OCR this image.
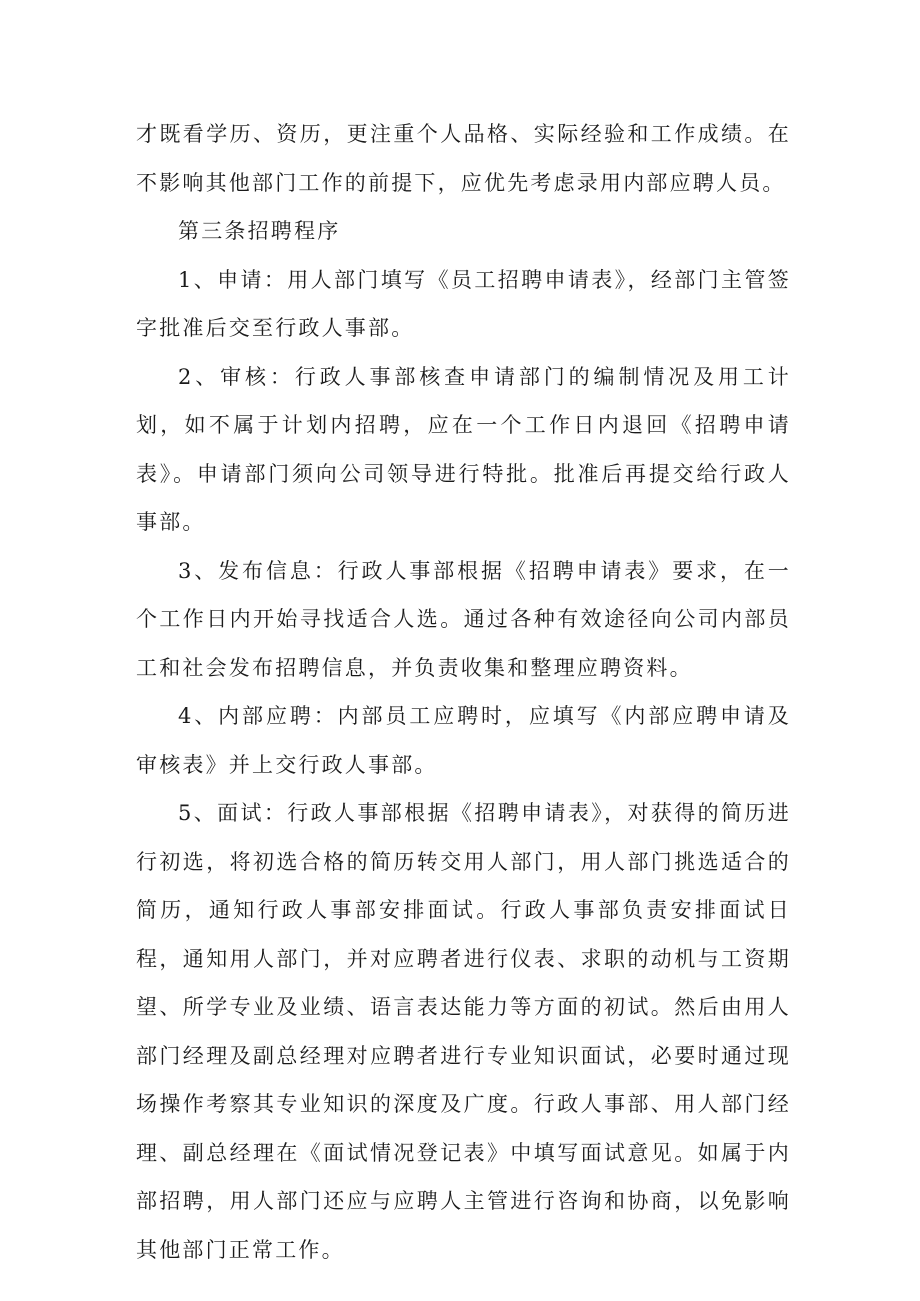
才既看学历、资历，更注重个人品格、实际经验和工作成绩。在不影响其他部门工作的前提下，应优先考虑录用内部应聘人员。

第三条招聘程序

1、申请：用人部门填写《员工招聘申请表》，经部门主管签字批准后交至行政人事部。

2、审核：行政人事部核查申请部门的编制情况及用工计划，如不属于计划内招聘，应在一个工作日内退回《招聘申请表》。申请部门须向公司领导进行特批。批准后再提交给行政人事部。

3、发布信息：行政人事部根据《招聘申请表》要求，在一个工作日内开始寻找适合人选。通过各种有效途径向公司内部员工和社会发布招聘信息，并负责收集和整理应聘资料。

4、内部应聘：内部员工应聘时，应填写《内部应聘申请及审核表》并上交行政人事部。

5、面试：行政人事部根据《招聘申请表》，对获得的简历进行初选，将初选合格的简历转交用人部门，用人部门挑选适合的简历，通知行政人事部安排面试。行政人事部负责安排面试日程，通知用人部门，并对应聘者进行仪表、求职的动机与工资期望、所学专业及业绩、语言表达能力等方面的初试。然后由用人部门经理及副总经理对应聘者进行专业知识面试，必要时通过现场操作考察其专业知识的深度及广度。行政人事部、用人部门经理、副总经理在《面试情况登记表》中填写面试意见。如属于内部招聘，用人部门还应与应聘人主管进行咨询和协商，以免影响其他部门正常工作。
